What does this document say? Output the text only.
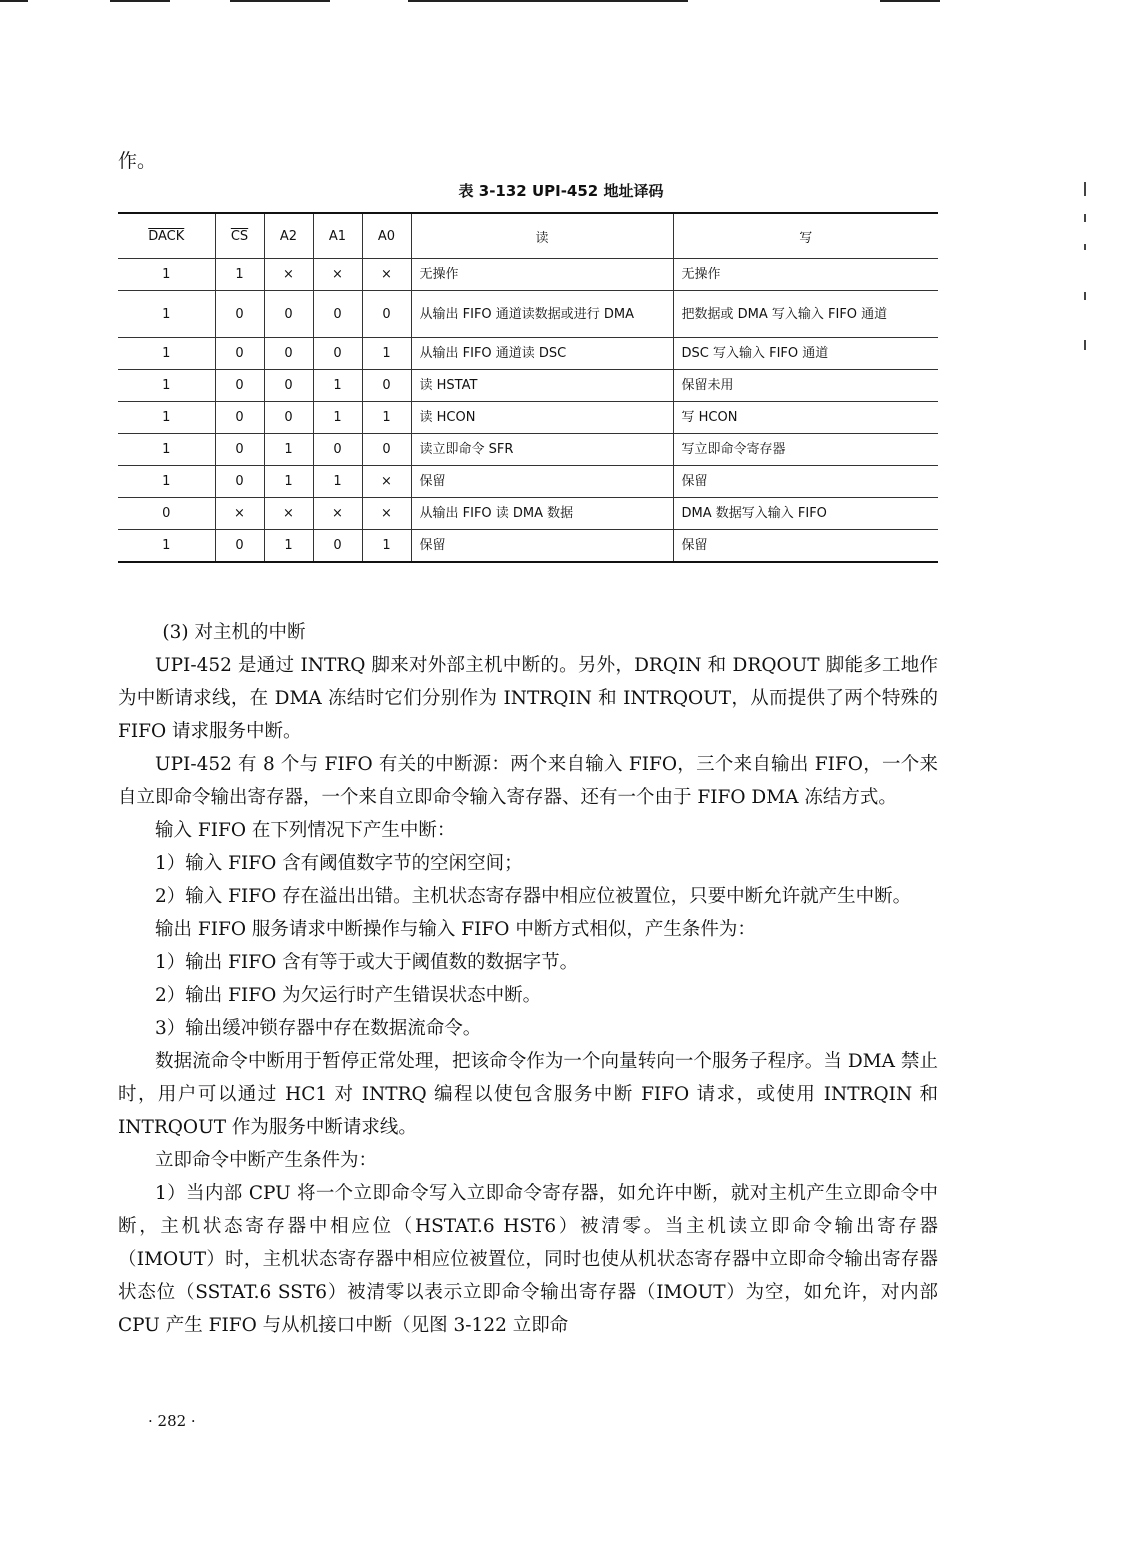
作。
表 3-132 UPI-452 地址译码
DACK	$\overline{CS}$	A2	A1	A0	读	写
1	1	×	×	×	无操作	无操作
1	0	0	0	0	从输出 FIFO 通道读数据或进行 DMA	把数据或 DMA 写入输入 FIFO 通道
1	0	0	0	1	从输出 FIFO 通道读 DSC	DSC 写入输入 FIFO 通道
1	0	0	1	0	读 HSTAT	保留未用
1	0	0	1	1	读 HCON	写 HCON
1	0	1	0	0	读立即命令 SFR	写立即命令寄存器
1	0	1	1	×	保留	保留
0	×	×	×	×	从输出 FIFO 读 DMA 数据	DMA 数据写入输入 FIFO
1	0	1	0	1	保留	保留

(3) 对主机的中断

UPI-452 是通过 INTRQ 脚来对外部主机中断的。另外，DRQIN 和 DRQOUT 脚能多工地作为中断请求线，在 DMA 冻结时它们分别作为 INTRQIN 和 INTRQOUT，从而提供了两个特殊的 FIFO 请求服务中断。

UPI-452 有 8 个与 FIFO 有关的中断源：两个来自输入 FIFO，三个来自输出 FIFO，一个来自立即命令输出寄存器，一个来自立即命令输入寄存器、还有一个由于 FIFO DMA 冻结方式。

输入 FIFO 在下列情况下产生中断：

1）输入 FIFO 含有阈值数字节的空闲空间；

2）输入 FIFO 存在溢出出错。主机状态寄存器中相应位被置位，只要中断允许就产生中断。

输出 FIFO 服务请求中断操作与输入 FIFO 中断方式相似，产生条件为：

1）输出 FIFO 含有等于或大于阈值数的数据字节。

2）输出 FIFO 为欠运行时产生错误状态中断。

3）输出缓冲锁存器中存在数据流命令。

数据流命令中断用于暂停正常处理，把该命令作为一个向量转向一个服务子程序。当 DMA 禁止时，用户可以通过 HC1 对 INTRQ 编程以使包含服务中断 FIFO 请求，或使用 INTRQIN 和 INTRQOUT 作为服务中断请求线。

立即命令中断产生条件为：

1）当内部 CPU 将一个立即命令写入立即命令寄存器，如允许中断，就对主机产生立即命令中断，主机状态寄存器中相应位（HSTAT.6 HST6）被清零。当主机读立即命令输出寄存器（IMOUT）时，主机状态寄存器中相应位被置位，同时也使从机状态寄存器中立即命令输出寄存器状态位（SSTAT.6 SST6）被清零以表示立即命令输出寄存器（IMOUT）为空，如允许，对内部 CPU 产生 FIFO 与从机接口中断（见图 3-122 立即命

· 282 ·
